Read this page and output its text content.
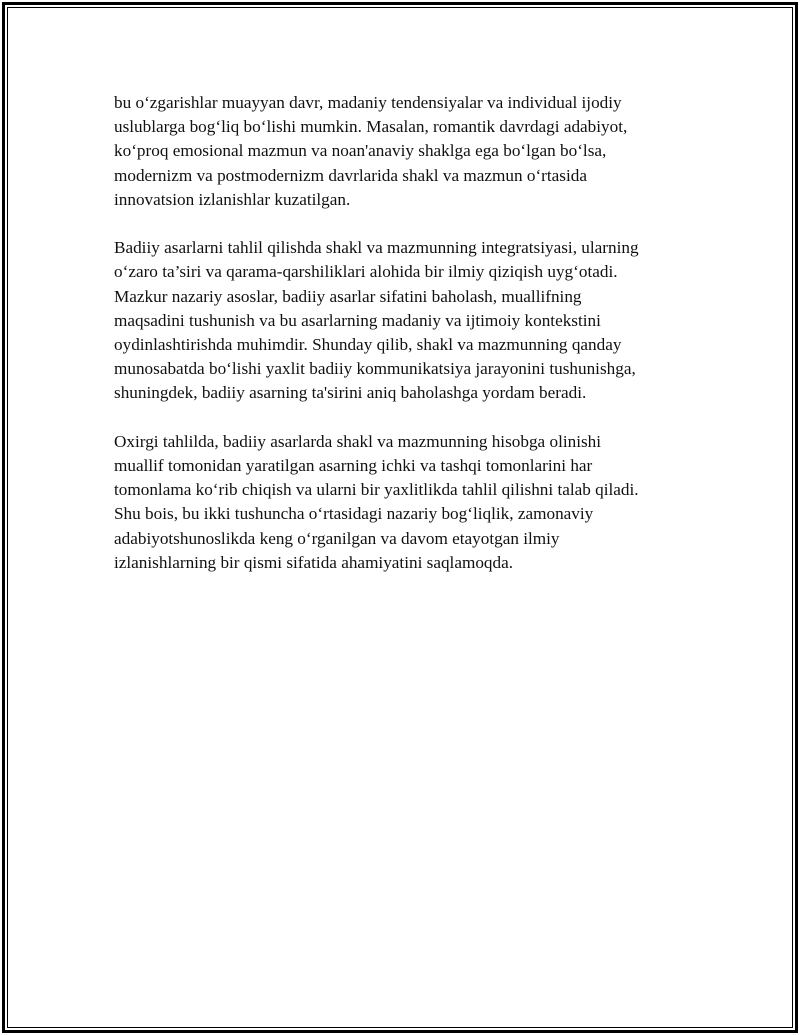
bu o‘zgarishlar muayyan davr, madaniy tendensiyalar va individual ijodiy
uslublarga bog‘liq bo‘lishi mumkin. Masalan, romantik davrdagi adabiyot,
ko‘proq emosional mazmun va noan'anaviy shaklga ega bo‘lgan bo‘lsa,
modernizm va postmodernizm davrlarida shakl va mazmun o‘rtasida
innovatsion izlanishlar kuzatilgan.

Badiiy asarlarni tahlil qilishda shakl va mazmunning integratsiyasi, ularning
o‘zaro ta’siri va qarama-qarshiliklari alohida bir ilmiy qiziqish uyg‘otadi.
Mazkur nazariy asoslar, badiiy asarlar sifatini baholash, muallifning
maqsadini tushunish va bu asarlarning madaniy va ijtimoiy kontekstini
oydinlashtirishda muhimdir. Shunday qilib, shakl va mazmunning qanday
munosabatda bo‘lishi yaxlit badiiy kommunikatsiya jarayonini tushunishga,
shuningdek, badiiy asarning ta'sirini aniq baholashga yordam beradi.

Oxirgi tahlilda, badiiy asarlarda shakl va mazmunning hisobga olinishi
muallif tomonidan yaratilgan asarning ichki va tashqi tomonlarini har
tomonlama ko‘rib chiqish va ularni bir yaxlitlikda tahlil qilishni talab qiladi.
Shu bois, bu ikki tushuncha o‘rtasidagi nazariy bog‘liqlik, zamonaviy
adabiyotshunoslikda keng o‘rganilgan va davom etayotgan ilmiy
izlanishlarning bir qismi sifatida ahamiyatini saqlamoqda.
